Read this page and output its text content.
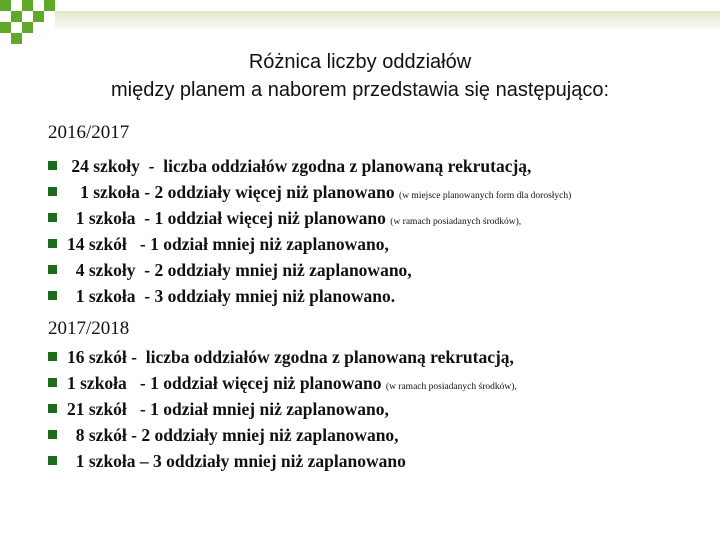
Różnica liczby oddziałów
między planem a naborem przedstawia się następująco:
2016/2017
24 szkoły  -  liczba oddziałów zgodna z planowaną rekrutacją,
1 szkoła - 2 oddziały więcej niż planowano (w miejsce planowanych form dla dorosłych)
1 szkoła  - 1 oddział więcej niż planowano (w ramach posiadanych środków),
14 szkół   - 1 odział mniej niż zaplanowano,
4 szkoły  - 2 oddziały mniej niż zaplanowano,
1 szkoła  - 3 oddziały mniej niż planowano.
2017/2018
16 szkół -  liczba oddziałów zgodna z planowaną rekrutacją,
1 szkoła   - 1 oddział więcej niż planowano (w ramach posiadanych środków),
21 szkół   - 1 odział mniej niż zaplanowano,
8 szkół - 2 oddziały mniej niż zaplanowano,
1 szkoła – 3 oddziały mniej niż zaplanowano
